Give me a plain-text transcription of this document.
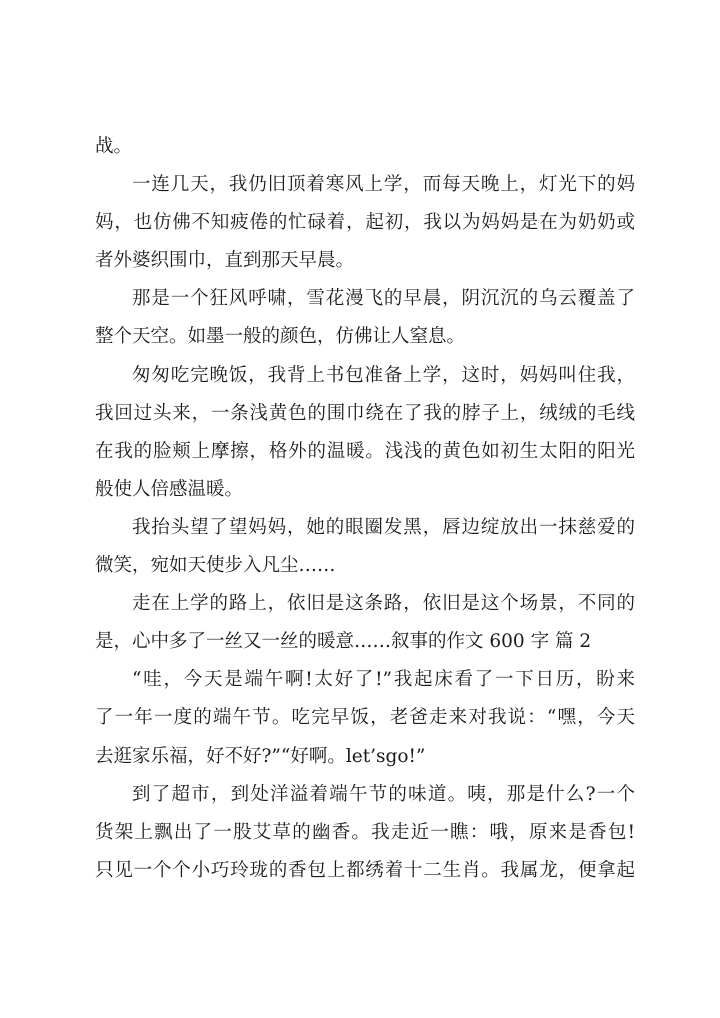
战。
一连几天，我仍旧顶着寒风上学，而每天晚上，灯光下的妈
妈，也仿佛不知疲倦的忙碌着，起初，我以为妈妈是在为奶奶或
者外婆织围巾，直到那天早晨。
那是一个狂风呼啸，雪花漫飞的早晨，阴沉沉的乌云覆盖了
整个天空。如墨一般的颜色，仿佛让人窒息。
匆匆吃完晚饭，我背上书包准备上学，这时，妈妈叫住我，
我回过头来，一条浅黄色的围巾绕在了我的脖子上，绒绒的毛线
在我的脸颊上摩擦，格外的温暖。浅浅的黄色如初生太阳的阳光
般使人倍感温暖。
我抬头望了望妈妈，她的眼圈发黑，唇边绽放出一抹慈爱的
微笑，宛如天使步入凡尘……
走在上学的路上，依旧是这条路，依旧是这个场景，不同的
是，心中多了一丝又一丝的暖意……叙事的作文 600 字 篇 2
“哇，今天是端午啊!太好了!”我起床看了一下日历，盼来
了一年一度的端午节。吃完早饭，老爸走来对我说：“嘿，今天
去逛家乐福，好不好?”“好啊。let’sgo!”
到了超市，到处洋溢着端午节的味道。咦，那是什么?一个
货架上飘出了一股艾草的幽香。我走近一瞧：哦，原来是香包!
只见一个个小巧玲珑的香包上都绣着十二生肖。我属龙，便拿起
